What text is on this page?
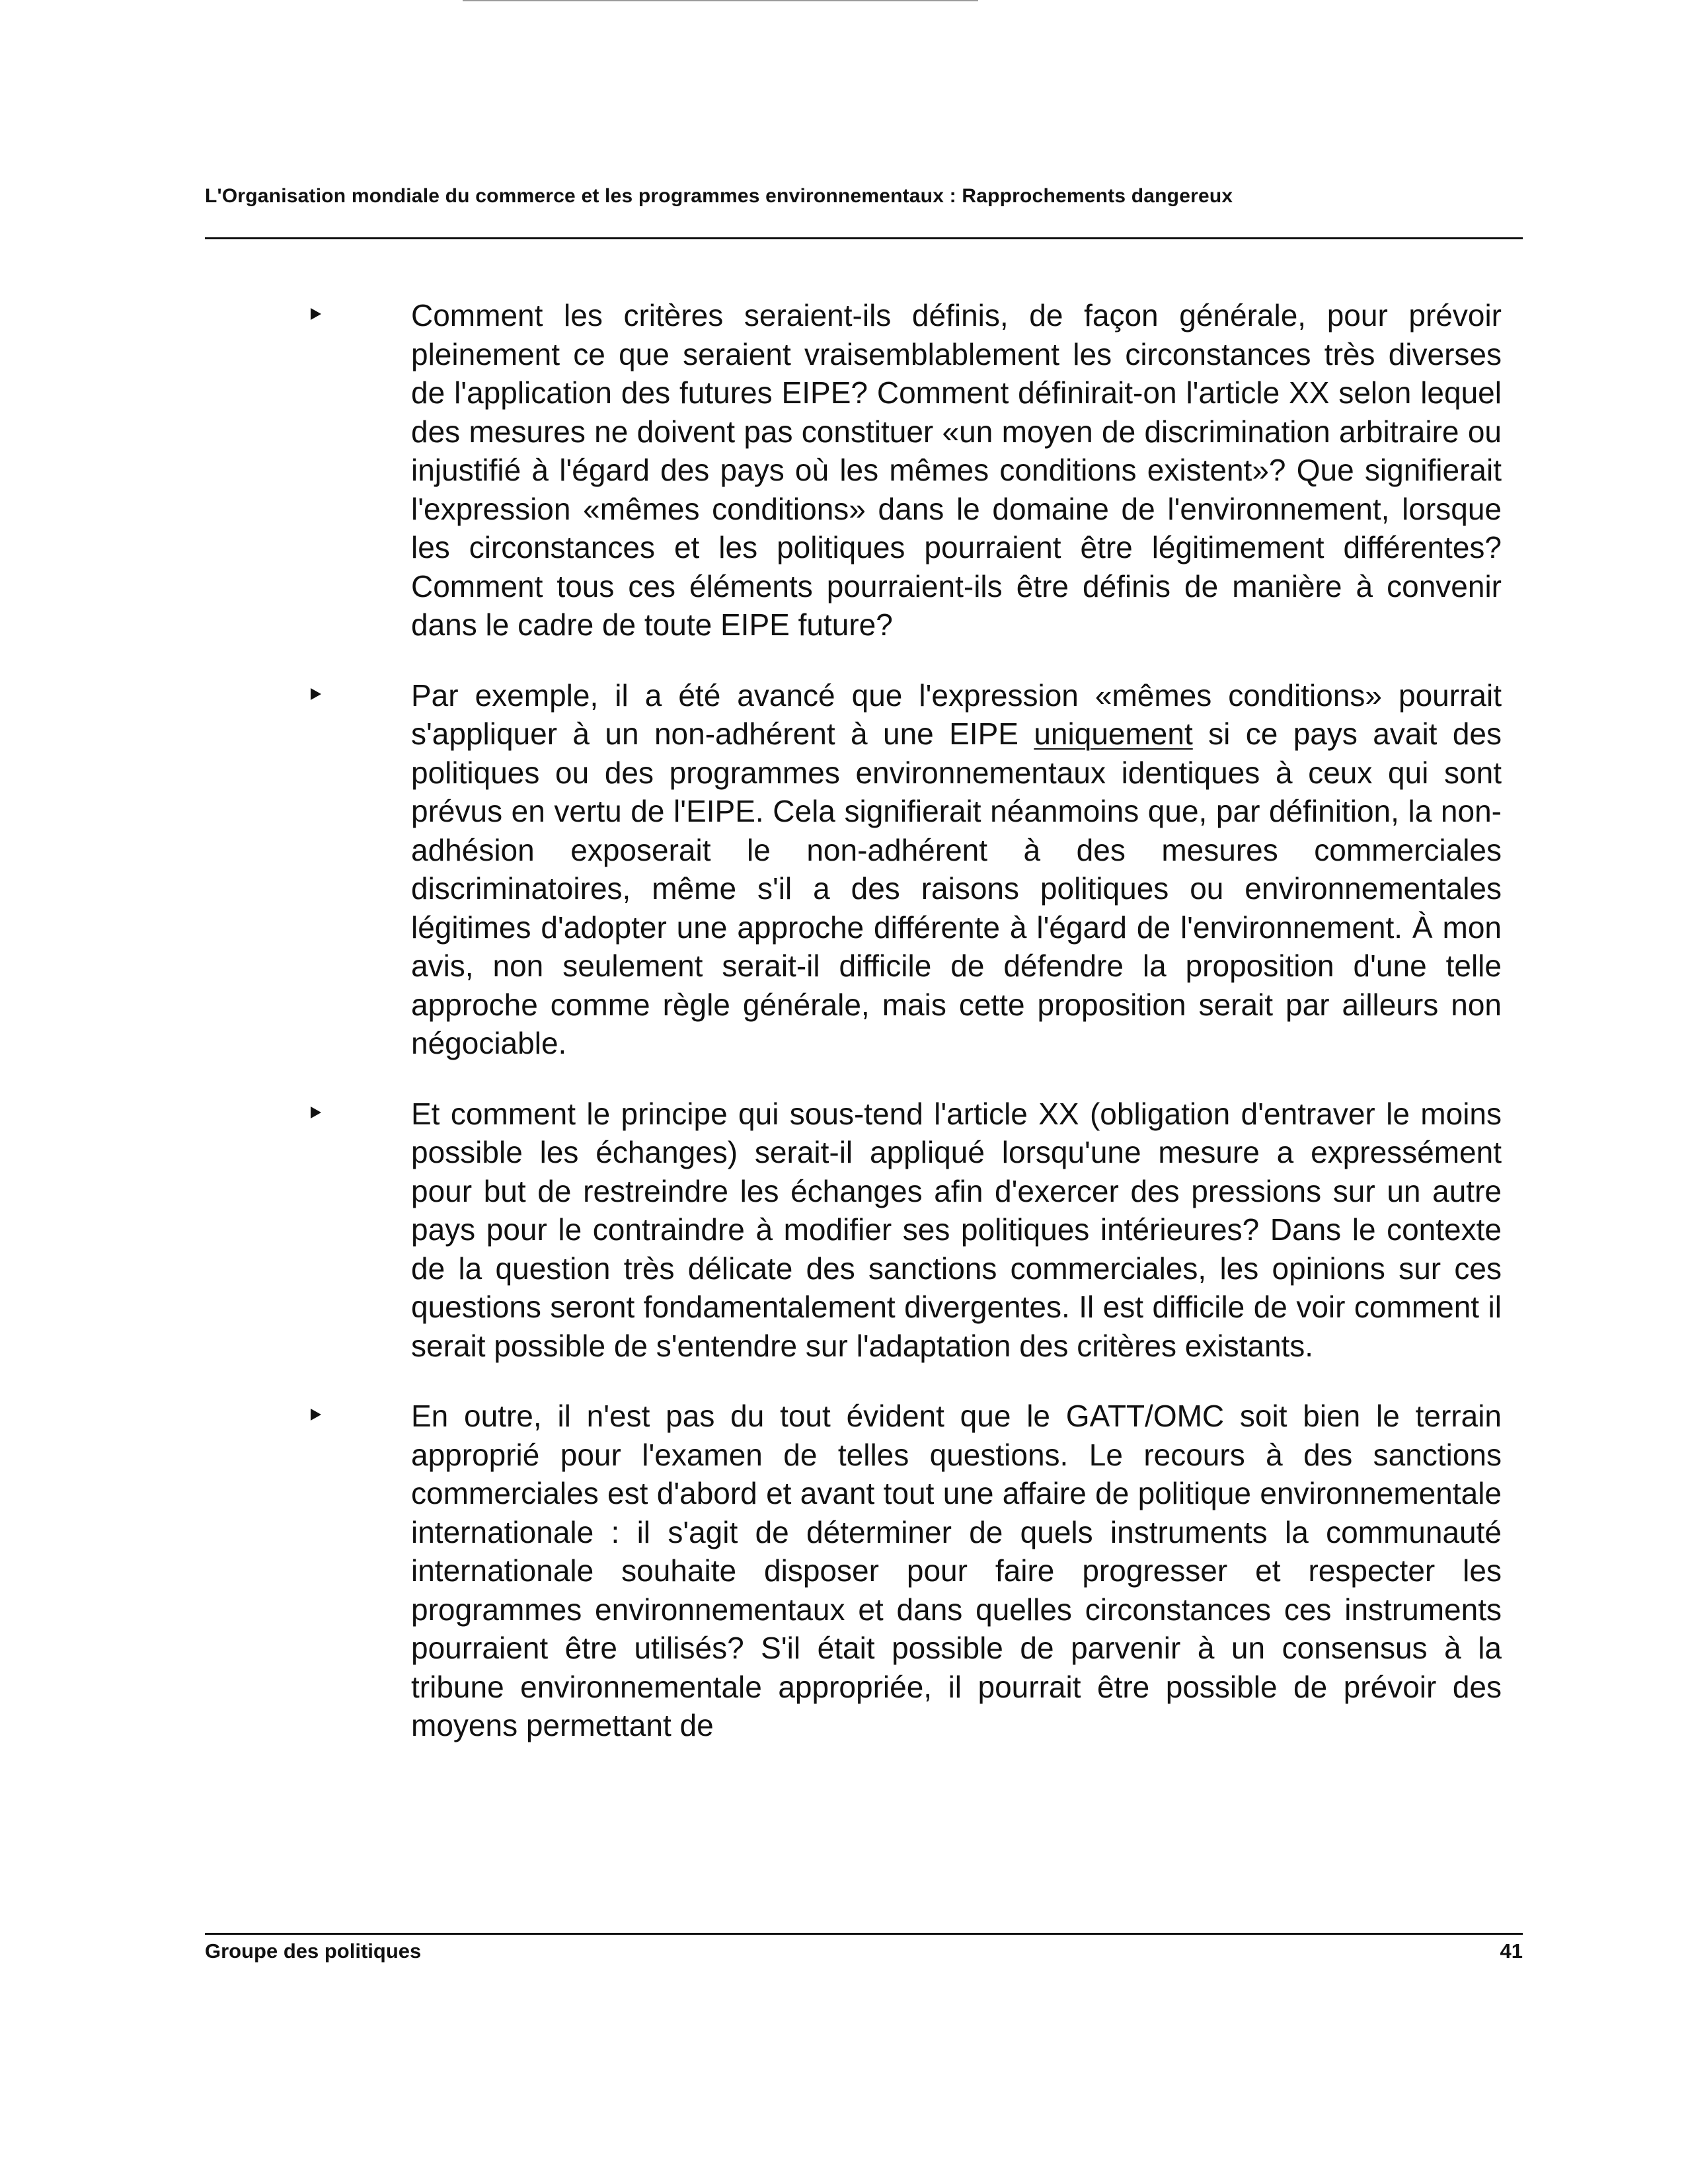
L'Organisation mondiale du commerce et les programmes environnementaux : Rapprochements dangereux

Comment les critères seraient-ils définis, de façon générale, pour prévoir pleinement ce que seraient vraisemblablement les circonstances très diverses de l'application des futures EIPE? Comment définirait-on l'article XX selon lequel des mesures ne doivent pas constituer «un moyen de discrimination arbitraire ou injustifié à l'égard des pays où les mêmes conditions existent»? Que signifierait l'expression «mêmes conditions» dans le domaine de l'environnement, lorsque les circonstances et les politiques pourraient être légitimement différentes? Comment tous ces éléments pourraient-ils être définis de manière à convenir dans le cadre de toute EIPE future?

Par exemple, il a été avancé que l'expression «mêmes conditions» pourrait s'appliquer à un non-adhérent à une EIPE uniquement si ce pays avait des politiques ou des programmes environnementaux identiques à ceux qui sont prévus en vertu de l'EIPE. Cela signifierait néanmoins que, par définition, la non-adhésion exposerait le non-adhérent à des mesures commerciales discriminatoires, même s'il a des raisons politiques ou environnementales légitimes d'adopter une approche différente à l'égard de l'environnement. À mon avis, non seulement serait-il difficile de défendre la proposition d'une telle approche comme règle générale, mais cette proposition serait par ailleurs non négociable.

Et comment le principe qui sous-tend l'article XX (obligation d'entraver le moins possible les échanges) serait-il appliqué lorsqu'une mesure a expressément pour but de restreindre les échanges afin d'exercer des pressions sur un autre pays pour le contraindre à modifier ses politiques intérieures? Dans le contexte de la question très délicate des sanctions commerciales, les opinions sur ces questions seront fondamentalement divergentes. Il est difficile de voir comment il serait possible de s'entendre sur l'adaptation des critères existants.

En outre, il n'est pas du tout évident que le GATT/OMC soit bien le terrain approprié pour l'examen de telles questions. Le recours à des sanctions commerciales est d'abord et avant tout une affaire de politique environnementale internationale : il s'agit de déterminer de quels instruments la communauté internationale souhaite disposer pour faire progresser et respecter les programmes environnementaux et dans quelles circonstances ces instruments pourraient être utilisés? S'il était possible de parvenir à un consensus à la tribune environnementale appropriée, il pourrait être possible de prévoir des moyens permettant de

Groupe des politiques	41
